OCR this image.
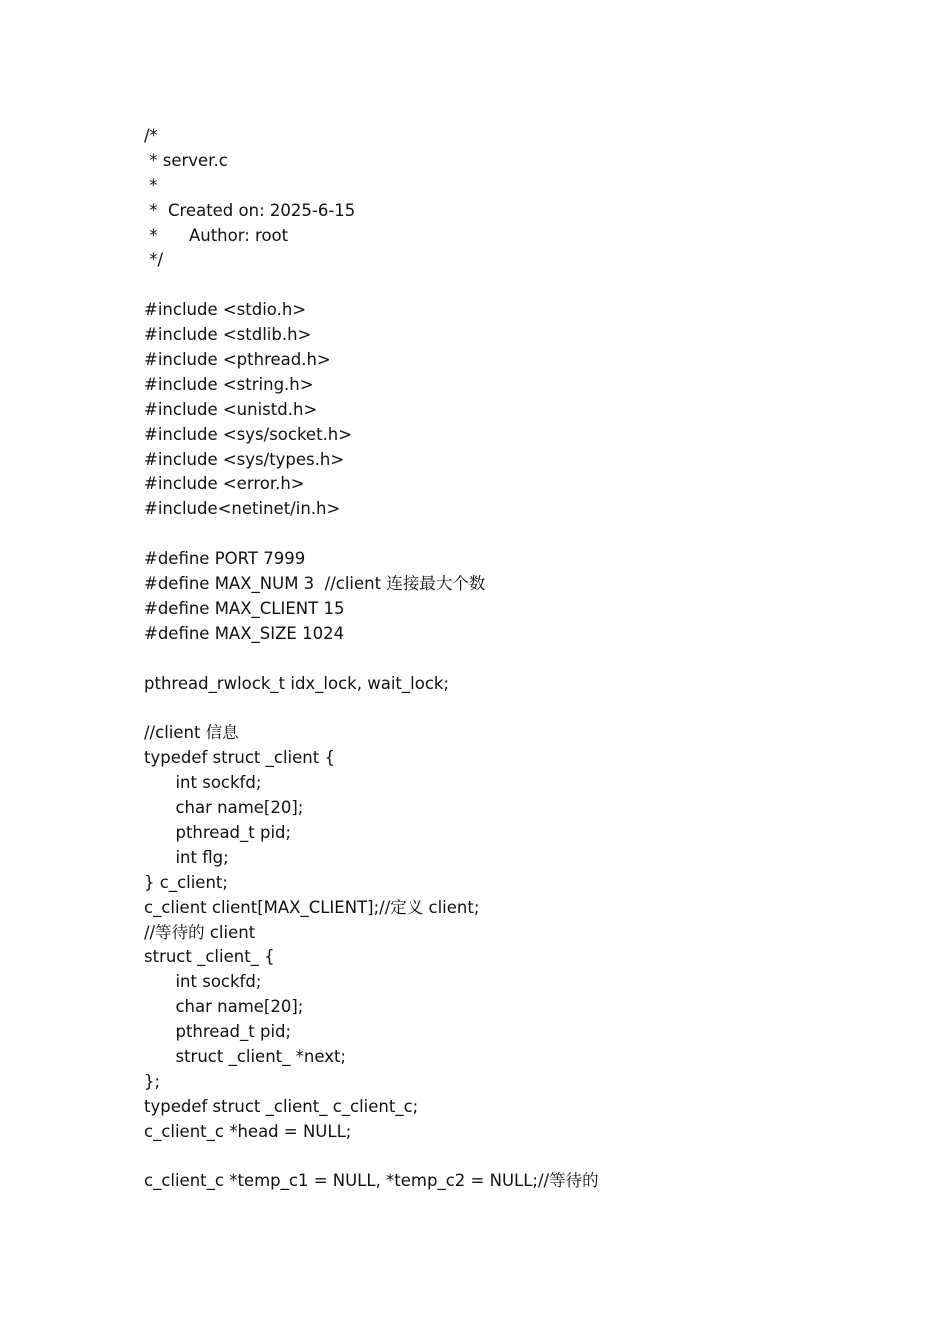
/*
* server.c
*
*  Created on: 2025-6-15
*      Author: root
*/
#include <stdio.h>
#include <stdlib.h>
#include <pthread.h>
#include <string.h>
#include <unistd.h>
#include <sys/socket.h>
#include <sys/types.h>
#include <error.h>
#include<netinet/in.h>
#define PORT 7999
#define MAX_NUM 3  //client 连接最大个数
#define MAX_CLIENT 15
#define MAX_SIZE 1024
pthread_rwlock_t idx_lock, wait_lock;
//client 信息
typedef struct _client {
int sockfd;
char name[20];
pthread_t pid;
int flg;
} c_client;
c_client client[MAX_CLIENT];//定义 client;
//等待的 client
struct _client_ {
int sockfd;
char name[20];
pthread_t pid;
struct _client_ *next;
};
typedef struct _client_ c_client_c;
c_client_c *head = NULL;
c_client_c *temp_c1 = NULL, *temp_c2 = NULL;//等待的
